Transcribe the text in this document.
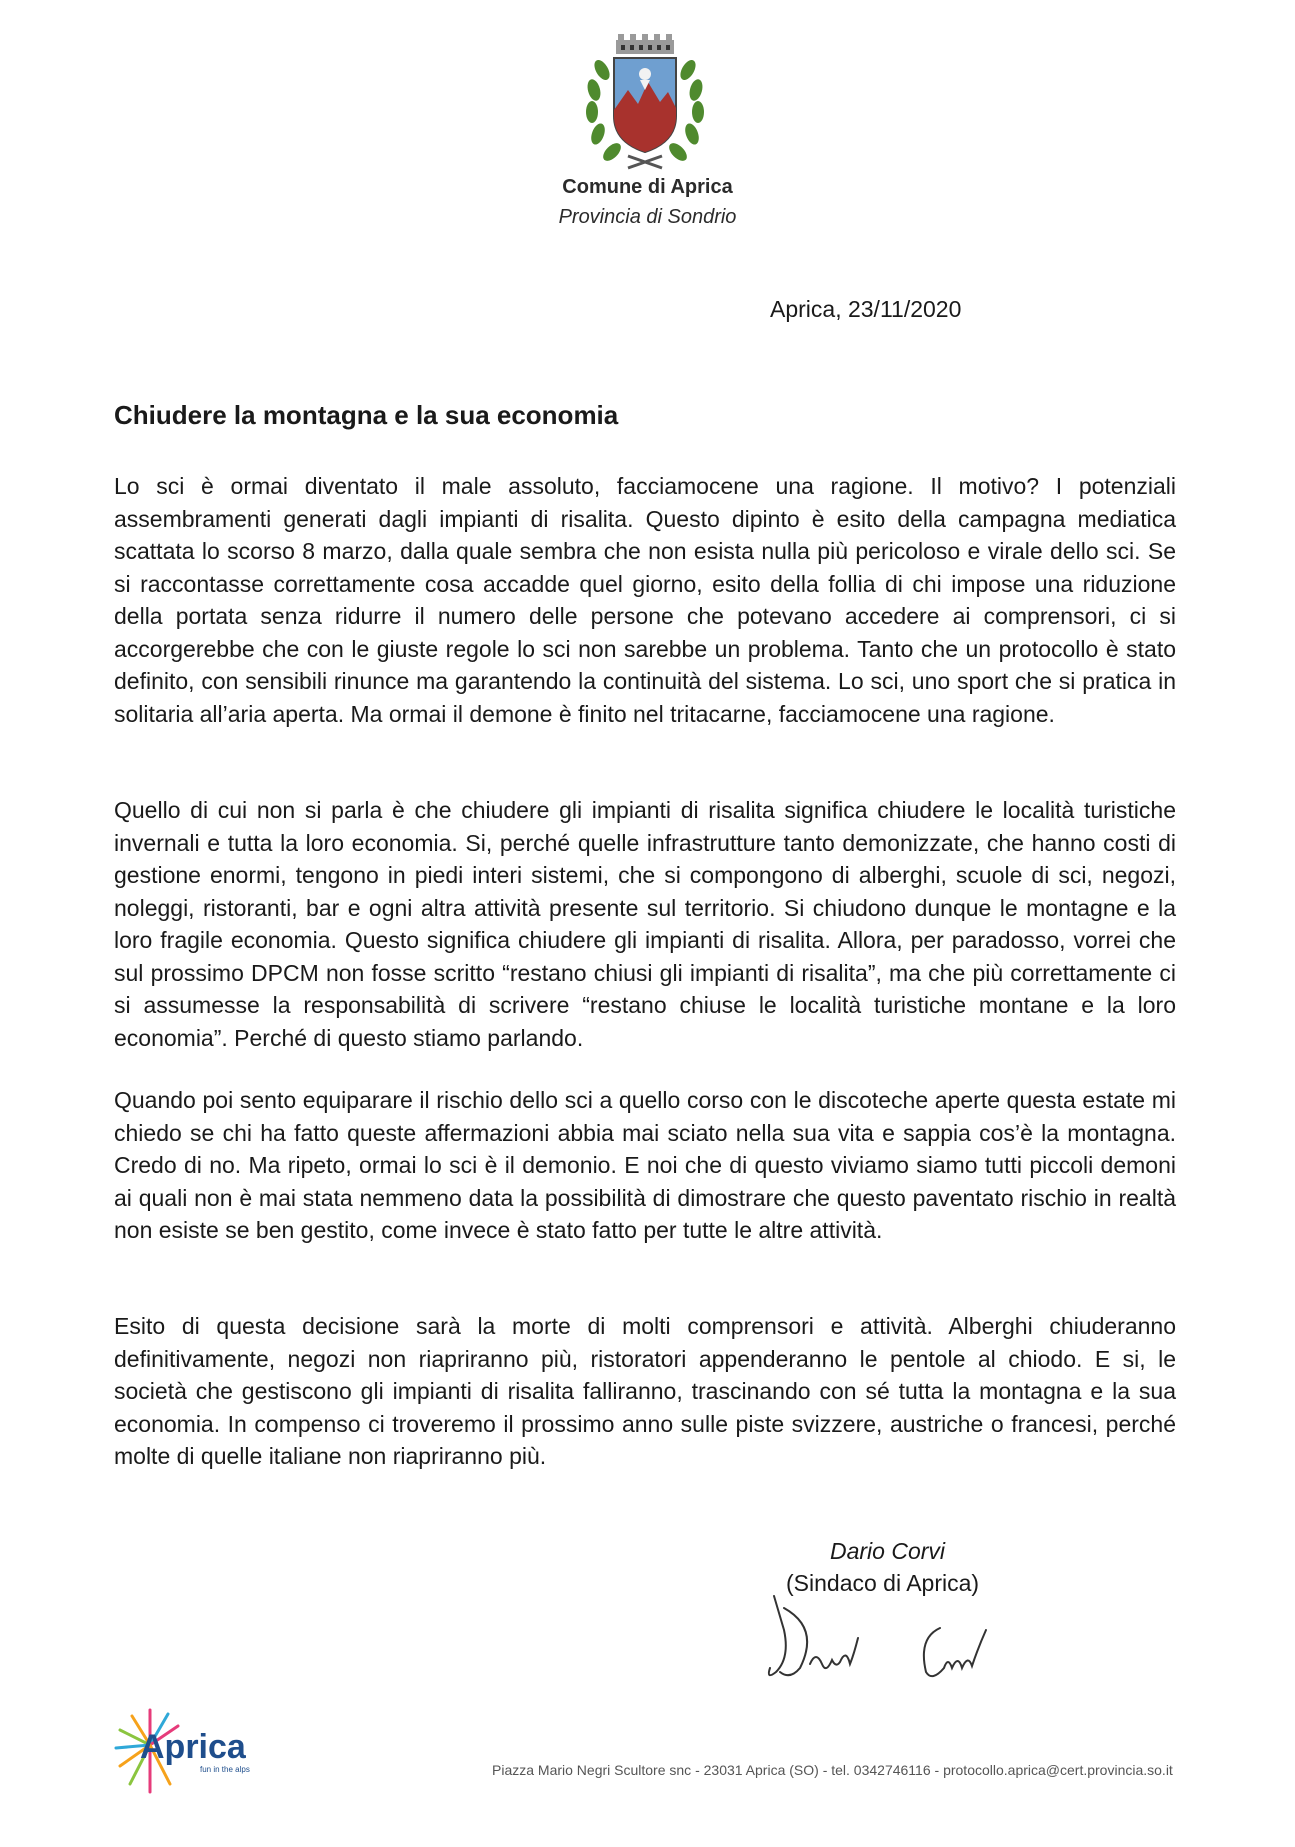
Comune di Aprica
Provincia di Sondrio
Aprica, 23/11/2020
Chiudere la montagna e la sua economia

Lo sci è ormai diventato il male assoluto, facciamocene una ragione. Il motivo? I potenziali assembramenti generati dagli impianti di risalita. Questo dipinto è esito della campagna mediatica scattata lo scorso 8 marzo, dalla quale sembra che non esista nulla più pericoloso e virale dello sci. Se si raccontasse correttamente cosa accadde quel giorno, esito della follia di chi impose una riduzione della portata senza ridurre il numero delle persone che potevano accedere ai comprensori, ci si accorgerebbe che con le giuste regole lo sci non sarebbe un problema. Tanto che un protocollo è stato definito, con sensibili rinunce ma garantendo la continuità del sistema. Lo sci, uno sport che si pratica in solitaria all’aria aperta. Ma ormai il demone è finito nel tritacarne, facciamocene una ragione.

Quello di cui non si parla è che chiudere gli impianti di risalita significa chiudere le località turistiche invernali e tutta la loro economia. Si, perché quelle infrastrutture tanto demonizzate, che hanno costi di gestione enormi, tengono in piedi interi sistemi, che si compongono di alberghi, scuole di sci, negozi, noleggi, ristoranti, bar e ogni altra attività presente sul territorio. Si chiudono dunque le montagne e la loro fragile economia. Questo significa chiudere gli impianti di risalita. Allora, per paradosso, vorrei che sul prossimo DPCM non fosse scritto “restano chiusi gli impianti di risalita”, ma che più correttamente ci si assumesse la responsabilità di scrivere “restano chiuse le località turistiche montane e la loro economia”. Perché di questo stiamo parlando.

Quando poi sento equiparare il rischio dello sci a quello corso con le discoteche aperte questa estate mi chiedo se chi ha fatto queste affermazioni abbia mai sciato nella sua vita e sappia cos’è la montagna. Credo di no. Ma ripeto, ormai lo sci è il demonio. E noi che di questo viviamo siamo tutti piccoli demoni ai quali non è mai stata nemmeno data la possibilità di dimostrare che questo paventato rischio in realtà non esiste se ben gestito, come invece è stato fatto per tutte le altre attività.

Esito di questa decisione sarà la morte di molti comprensori e attività. Alberghi chiuderanno definitivamente, negozi non riapriranno più, ristoratori appenderanno le pentole al chiodo. E si, le società che gestiscono gli impianti di risalita falliranno, trascinando con sé tutta la montagna e la sua economia. In compenso ci troveremo il prossimo anno sulle piste svizzere, austriche o francesi, perché molte di quelle italiane non riapriranno più.

Dario Corvi
(Sindaco di Aprica)
Aprica
fun in the alps	Piazza Mario Negri Scultore snc - 23031 Aprica (SO) - tel. 0342746116 - protocollo.aprica@cert.provincia.so.it
